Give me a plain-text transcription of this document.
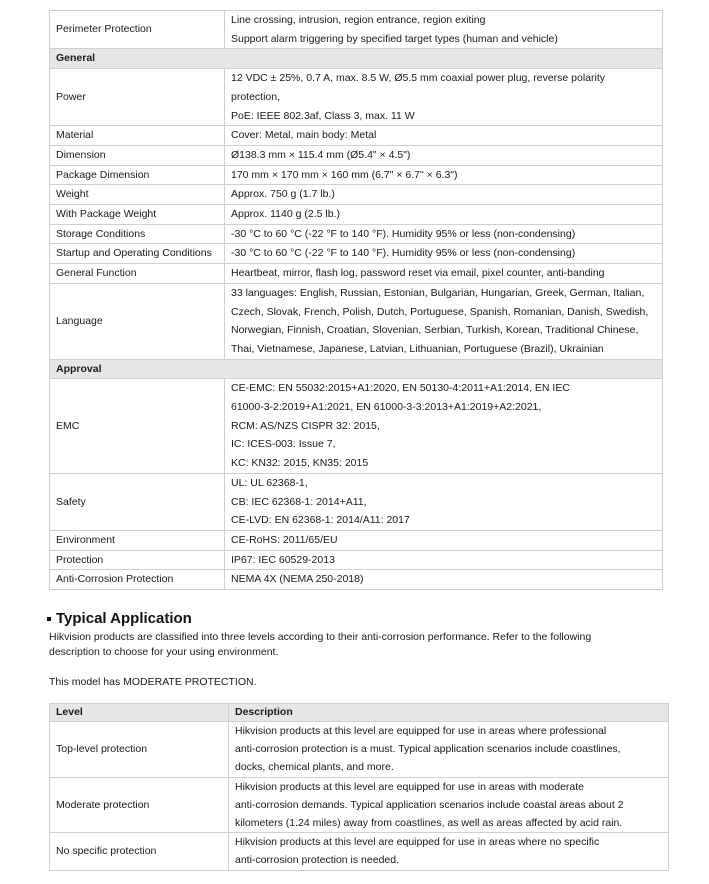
Perimeter Protection	Line crossing, intrusion, region entrance, region exiting
Support alarm triggering by specified target types (human and vehicle)

General	
Power	12 VDC ± 25%, 0.7 A, max. 8.5 W, Ø5.5 mm coaxial power plug, reverse polarity
protection,
PoE: IEEE 802.3af, Class 3, max. 11 W

Material	Cover: Metal, main body: Metal

Dimension	Ø138.3 mm × 115.4 mm (Ø5.4" × 4.5")

Package Dimension	170 mm × 170 mm × 160 mm (6.7" × 6.7" × 6.3")

Weight	Approx. 750 g (1.7 lb.)

With Package Weight	Approx. 1140 g (2.5 lb.)

Storage Conditions	-30 °C to 60 °C (-22 °F to 140 °F). Humidity 95% or less (non-condensing)

Startup and Operating Conditions	-30 °C to 60 °C (-22 °F to 140 °F). Humidity 95% or less (non-condensing)

General Function	Heartbeat, mirror, flash log, password reset via email, pixel counter, anti-banding

Language	33 languages: English, Russian, Estonian, Bulgarian, Hungarian, Greek, German, Italian,
Czech, Slovak, French, Polish, Dutch, Portuguese, Spanish, Romanian, Danish, Swedish,
Norwegian, Finnish, Croatian, Slovenian, Serbian, Turkish, Korean, Traditional Chinese,
Thai, Vietnamese, Japanese, Latvian, Lithuanian, Portuguese (Brazil), Ukrainian

Approval	
EMC	CE-EMC: EN 55032:2015+A1:2020, EN 50130-4:2011+A1:2014, EN IEC
61000-3-2:2019+A1:2021, EN 61000-3-3:2013+A1:2019+A2:2021,
RCM: AS/NZS CISPR 32: 2015,
IC: ICES-003: Issue 7,
KC: KN32: 2015, KN35: 2015

Safety	UL: UL 62368-1,
CB: IEC 62368-1: 2014+A11,
CE-LVD: EN 62368-1: 2014/A11: 2017

Environment	CE-RoHS: 2011/65/EU

Protection	IP67: IEC 60529-2013

Anti-Corrosion Protection	NEMA 4X (NEMA 250-2018)
Typical Application
Hikvision products are classified into three levels according to their anti-corrosion performance. Refer to the following
description to choose for your using environment.
This model has MODERATE PROTECTION.
Level	Description
Top-level protection	Hikvision products at this level are equipped for use in areas where professional
anti-corrosion protection is a must. Typical application scenarios include coastlines,
docks, chemical plants, and more.

Moderate protection	Hikvision products at this level are equipped for use in areas with moderate
anti-corrosion demands. Typical application scenarios include coastal areas about 2
kilometers (1.24 miles) away from coastlines, as well as areas affected by acid rain.

No specific protection	Hikvision products at this level are equipped for use in areas where no specific
anti-corrosion protection is needed.
